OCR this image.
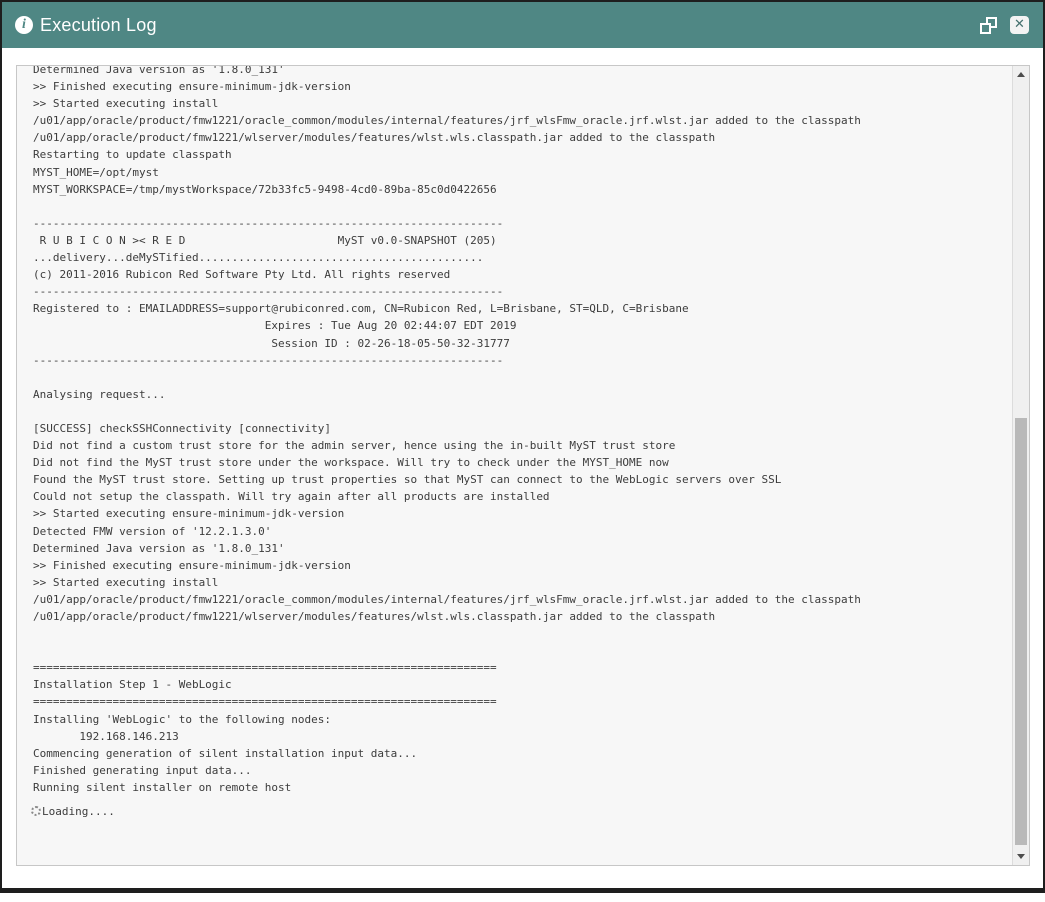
i Execution Log	✕
Determined Java version as '1.8.0_131'
>> Finished executing ensure-minimum-jdk-version
>> Started executing install
/u01/app/oracle/product/fmw1221/oracle_common/modules/internal/features/jrf_wlsFmw_oracle.jrf.wlst.jar added to the classpath
/u01/app/oracle/product/fmw1221/wlserver/modules/features/wlst.wls.classpath.jar added to the classpath
Restarting to update classpath
MYST_HOME=/opt/myst
MYST_WORKSPACE=/tmp/mystWorkspace/72b33fc5-9498-4cd0-89ba-85c0d0422656

-----------------------------------------------------------------------
R U B I C O N >< R E D                       MyST v0.0-SNAPSHOT (205)
...delivery...deMySTified...........................................
(c) 2011-2016 Rubicon Red Software Pty Ltd. All rights reserved
-----------------------------------------------------------------------
Registered to : EMAILADDRESS=support@rubiconred.com, CN=Rubicon Red, L=Brisbane, ST=QLD, C=Brisbane
Expires : Tue Aug 20 02:44:07 EDT 2019
Session ID : 02-26-18-05-50-32-31777
-----------------------------------------------------------------------

Analysing request...

[SUCCESS] checkSSHConnectivity [connectivity]
Did not find a custom trust store for the admin server, hence using the in-built MyST trust store
Did not find the MyST trust store under the workspace. Will try to check under the MYST_HOME now
Found the MyST trust store. Setting up trust properties so that MyST can connect to the WebLogic servers over SSL
Could not setup the classpath. Will try again after all products are installed
>> Started executing ensure-minimum-jdk-version
Detected FMW version of '12.2.1.3.0'
Determined Java version as '1.8.0_131'
>> Finished executing ensure-minimum-jdk-version
>> Started executing install
/u01/app/oracle/product/fmw1221/oracle_common/modules/internal/features/jrf_wlsFmw_oracle.jrf.wlst.jar added to the classpath
/u01/app/oracle/product/fmw1221/wlserver/modules/features/wlst.wls.classpath.jar added to the classpath

======================================================================
Installation Step 1 - WebLogic
======================================================================
Installing 'WebLogic' to the following nodes:
192.168.146.213
Commencing generation of silent installation input data...
Finished generating input data...
Running silent installer on remote host
Loading....
